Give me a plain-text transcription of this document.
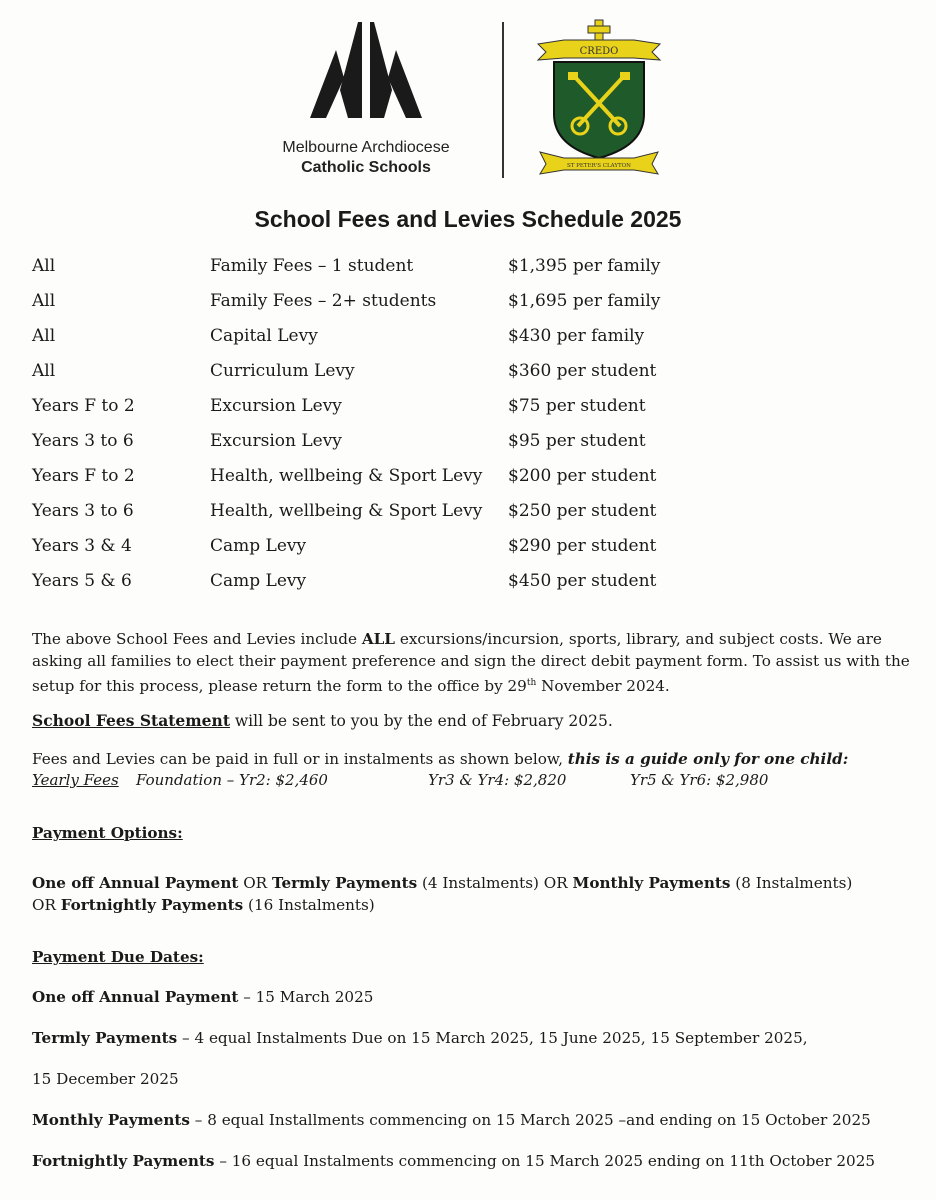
Melbourne Archdiocese
Catholic Schools
CREDO
ST PETER'S CLAYTON
School Fees and Levies Schedule 2025
All	Family Fees – 1 student	$1,395 per family
All	Family Fees – 2+ students	$1,695 per family
All	Capital Levy	$430 per family
All	Curriculum Levy	$360 per student
Years F to 2	Excursion Levy	$75 per student
Years 3 to 6	Excursion Levy	$95 per student
Years F to 2	Health, wellbeing & Sport Levy $200 per student
Years 3 to 6	Health, wellbeing & Sport Levy $250 per student
Years 3 & 4	Camp Levy	$290 per student
Years 5 & 6	Camp Levy	$450 per student
The above School Fees and Levies include ALL excursions/incursion, sports, library, and subject costs. We are asking all families to elect their payment preference and sign the direct debit payment form. To assist us with the setup for this process, please return the form to the office by 29th November 2024.
School Fees Statement will be sent to you by the end of February 2025.
Fees and Levies can be paid in full or in instalments as shown below, this is a guide only for one child:
Yearly Fees Foundation – Yr2: $2,460	Yr3 & Yr4: $2,820	Yr5 & Yr6: $2,980
Payment Options:
One off Annual Payment OR Termly Payments (4 Instalments) OR Monthly Payments (8 Instalments)
OR Fortnightly Payments (16 Instalments)
Payment Due Dates:
One off Annual Payment – 15 March 2025
Termly Payments – 4 equal Instalments Due on 15 March 2025, 15 June 2025, 15 September 2025,
15 December 2025
Monthly Payments – 8 equal Installments commencing on 15 March 2025 –and ending on 15 October 2025
Fortnightly Payments – 16 equal Instalments commencing on 15 March 2025 ending on 11th October 2025
